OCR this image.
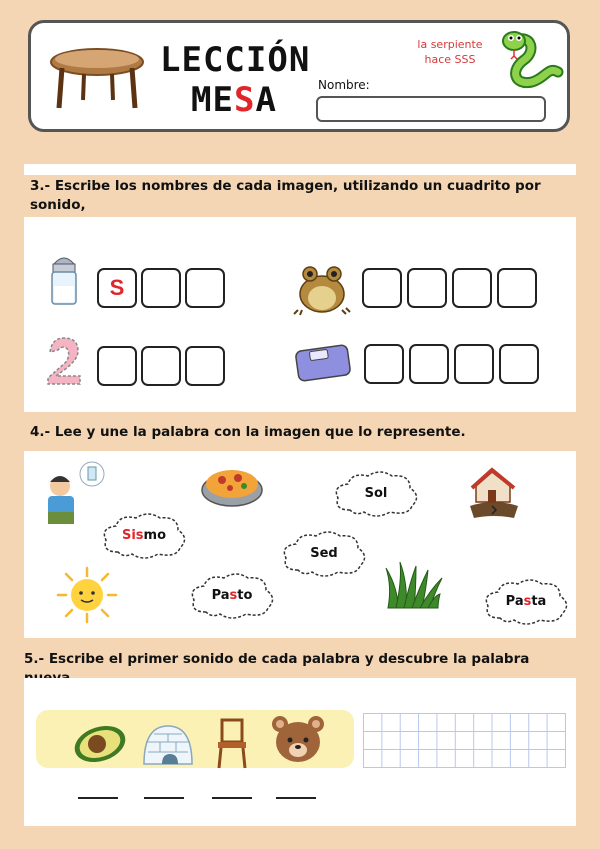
LECCIÓN
MESA
la serpiente
hace SSS
Nombre:
3.- Escribe los nombres de cada imagen, utilizando un cuadrito por sonido,
S
4.- Lee y une la palabra con la imagen que lo represente.
Sol
Sis mo
Sed
Pa s to	Pa s ta
5.- Escribe el primer sonido de cada palabra y descubre la palabra
